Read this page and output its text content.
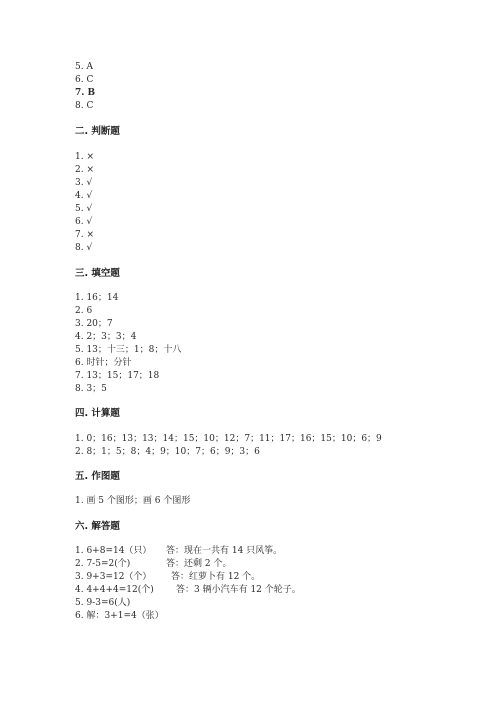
5. A
6. C
7. B
8. C
二. 判断题
1. ×
2. ×
3. √
4. √
5. √
6. √
7. ×
8. √
三. 填空题
1. 16；14
2. 6
3. 20；7
4. 2；3；3；4
5. 13；十三；1；8；十八
6. 时针；分针
7. 13；15；17；18
8. 3；5
四. 计算题
1. 0；16；13；13；14；15；10；12；7；11；17；16；15；10；6；9
2. 8；1；5；8；4；9；10；7；6；9；3；6
五. 作图题
1. 画 5 个图形；画 6 个图形
六. 解答题
1. 6+8=14（只） 答：现在一共有 14 只风筝。
2. 7-5=2(个)	答：还剩 2 个。
3. 9+3=12（个） 答：红萝卜有 12 个。
4. 4+4+4=12(个) 答：3 辆小汽车有 12 个轮子。
5. 9-3=6(人)
6. 解：3+1=4（张）
